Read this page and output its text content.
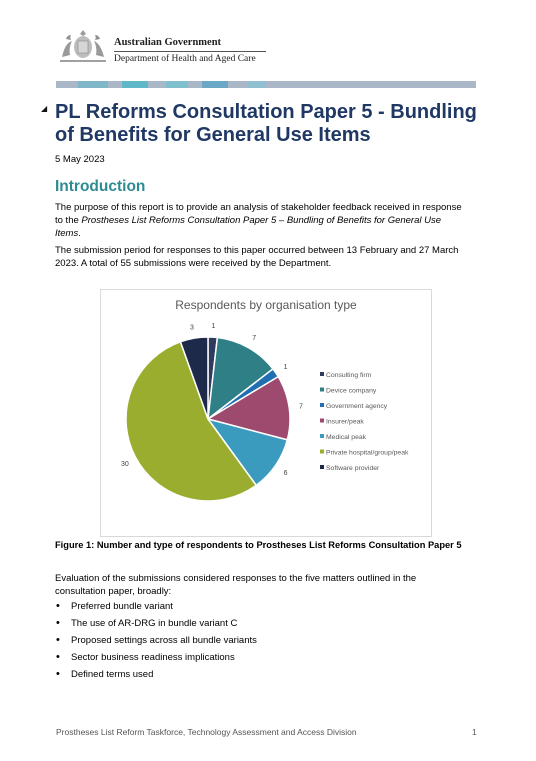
Australian Government
Department of Health and Aged Care
◢ PL Reforms Consultation Paper 5 - Bundling of Benefits for General Use Items
5 May 2023
Introduction

The purpose of this report is to provide an analysis of stakeholder feedback received in response to the Prostheses List Reforms Consultation Paper 5 – Bundling of Benefits for General Use Items.

The submission period for responses to this paper occurred between 13 February and 27 March 2023. A total of 55 submissions were received by the Department.

Respondents by organisation type
1
Consulting firm
7
Device company
1
Government agency
7
Insurer/peak
6
Medical peak
30
Private hospital/group/peak
3
Software provider
Figure 1: Number and type of respondents to Prostheses List Reforms Consultation Paper 5

Evaluation of the submissions considered responses to the five matters outlined in the consultation paper, broadly:

• Preferred bundle variant
• The use of AR-DRG in bundle variant C
• Proposed settings across all bundle variants
• Sector business readiness implications
• Defined terms used
Prostheses List Reform Taskforce, Technology Assessment and Access Division	1
